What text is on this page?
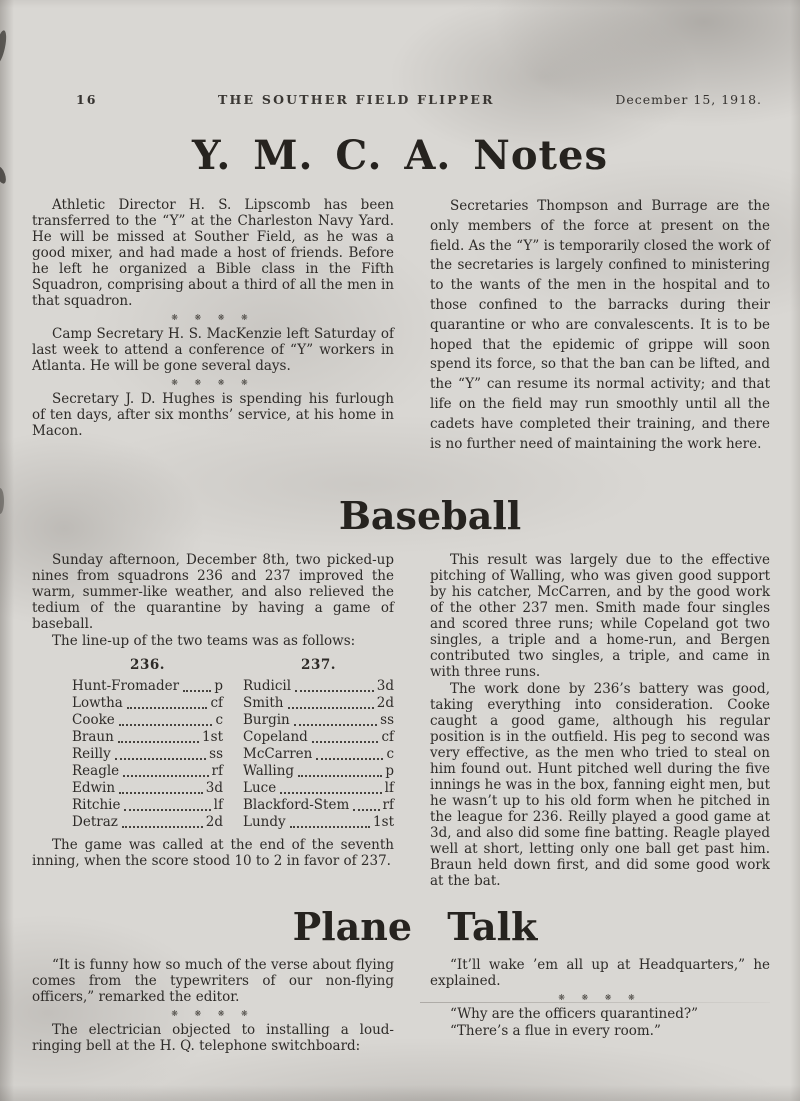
16	THE SOUTHER FIELD FLIPPER	December 15, 1918.
Y. M. C. A. Notes

Athletic Director H. S. Lipscomb has been transferred to the “Y” at the Charleston Navy Yard. He will be missed at Souther Field, as he was a good mixer, and had made a host of friends. Before he left he organized a Bible class in the Fifth Squadron, comprising about a third of all the men in that squadron.

❋ ❋ ❋ ❋

Camp Secretary H. S. MacKenzie left Saturday of last week to attend a conference of “Y” workers in Atlanta. He will be gone several days.

❋ ❋ ❋ ❋

Secretary J. D. Hughes is spending his furlough of ten days, after six months’ service, at his home in Macon.

Secretaries Thompson and Burrage are the only members of the force at present on the field. As the “Y” is temporarily closed the work of the secretaries is largely confined to ministering to the wants of the men in the hospital and to those confined to the barracks during their quarantine or who are convalescents. It is to be hoped that the epidemic of grippe will soon spend its force, so that the ban can be lifted, and the “Y” can resume its normal activity; and that life on the field may run smoothly until all the cadets have completed their training, and there is no further need of maintaining the work here.

Baseball

Sunday afternoon, December 8th, two picked-up nines from squadrons 236 and 237 improved the warm, summer-like weather, and also relieved the tedium of the quarantine by having a game of baseball.

The line-up of the two teams was as follows:

236.
Hunt-Fromader	p
Lowtha	cf
Cooke	c
Braun	1st
Reilly	ss
Reagle	rf
Edwin	3d
Ritchie	lf
Detraz	2d
237.
Rudicil	3d
Smith	2d
Burgin	ss
Copeland	cf
McCarren	c
Walling	p
Luce	lf
Blackford-Stem rf
Lundy	1st

The game was called at the end of the seventh inning, when the score stood 10 to 2 in favor of 237.

This result was largely due to the effective pitching of Walling, who was given good support by his catcher, McCarren, and by the good work of the other 237 men. Smith made four singles and scored three runs; while Copeland got two singles, a triple and a home-run, and Bergen contributed two singles, a triple, and came in with three runs.

The work done by 236’s battery was good, taking everything into consideration. Cooke caught a good game, although his regular position is in the outfield. His peg to second was very effective, as the men who tried to steal on him found out. Hunt pitched well during the five innings he was in the box, fanning eight men, but he wasn’t up to his old form when he pitched in the league for 236. Reilly played a good game at 3d, and also did some fine batting. Reagle played well at short, letting only one ball get past him. Braun held down first, and did some good work at the bat.

Plane Talk

“It is funny how so much of the verse about flying comes from the typewriters of our non-flying officers,” remarked the editor.

❋ ❋ ❋ ❋

The electrician objected to installing a loud-ringing bell at the H. Q. telephone switchboard:

“It’ll wake ’em all up at Headquarters,” he explained.

❋ ❋ ❋ ❋

“Why are the officers quarantined?”

“There’s a flue in every room.”
